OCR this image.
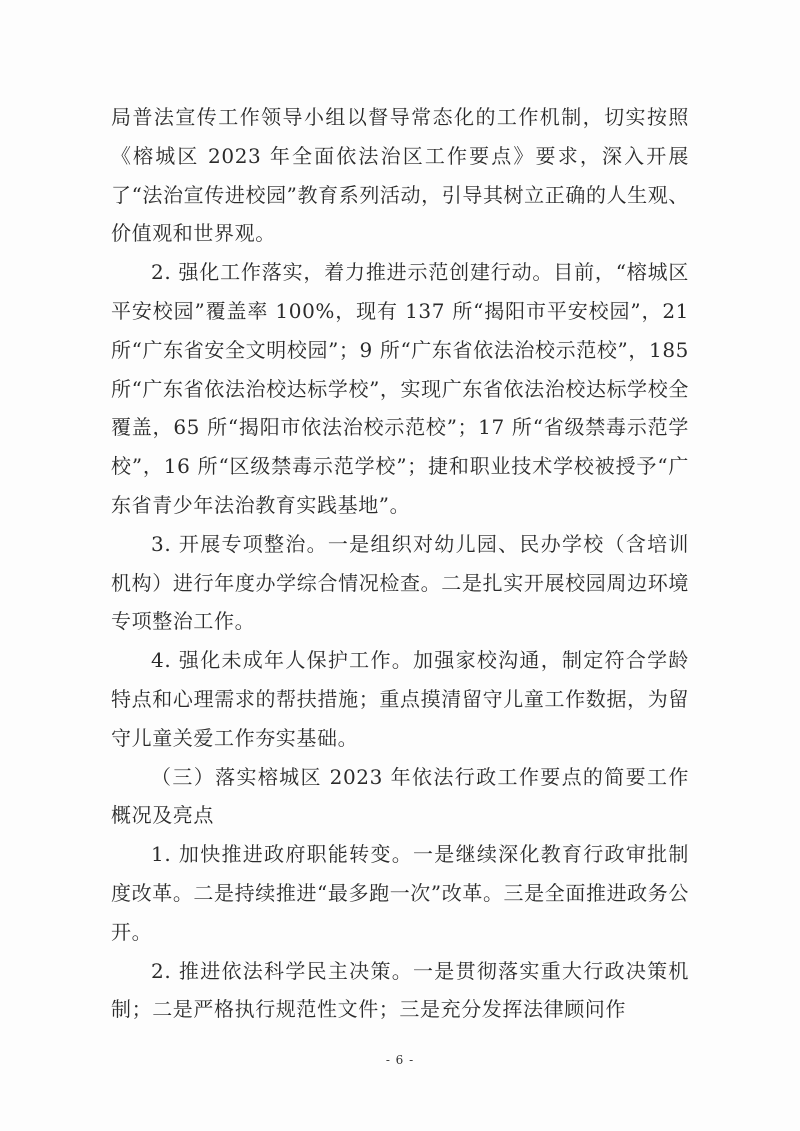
局普法宣传工作领导小组以督导常态化的工作机制，切实按照《榕城区 2023 年全面依法治区工作要点》要求，深入开展了“法治宣传进校园”教育系列活动，引导其树立正确的人生观、价值观和世界观。

2. 强化工作落实，着力推进示范创建行动。目前，“榕城区平安校园”覆盖率 100%，现有 137 所“揭阳市平安校园”，21 所“广东省安全文明校园”；9 所“广东省依法治校示范校”，185 所“广东省依法治校达标学校”，实现广东省依法治校达标学校全覆盖，65 所“揭阳市依法治校示范校”；17 所“省级禁毒示范学校”，16 所“区级禁毒示范学校”；捷和职业技术学校被授予“广东省青少年法治教育实践基地”。

3. 开展专项整治。一是组织对幼儿园、民办学校（含培训机构）进行年度办学综合情况检查。二是扎实开展校园周边环境专项整治工作。

4. 强化未成年人保护工作。加强家校沟通，制定符合学龄特点和心理需求的帮扶措施；重点摸清留守儿童工作数据，为留守儿童关爱工作夯实基础。

（三）落实榕城区 2023 年依法行政工作要点的简要工作概况及亮点

1. 加快推进政府职能转变。一是继续深化教育行政审批制度改革。二是持续推进“最多跑一次”改革。三是全面推进政务公开。

2. 推进依法科学民主决策。一是贯彻落实重大行政决策机制；二是严格执行规范性文件；三是充分发挥法律顾问作

- 6 -
